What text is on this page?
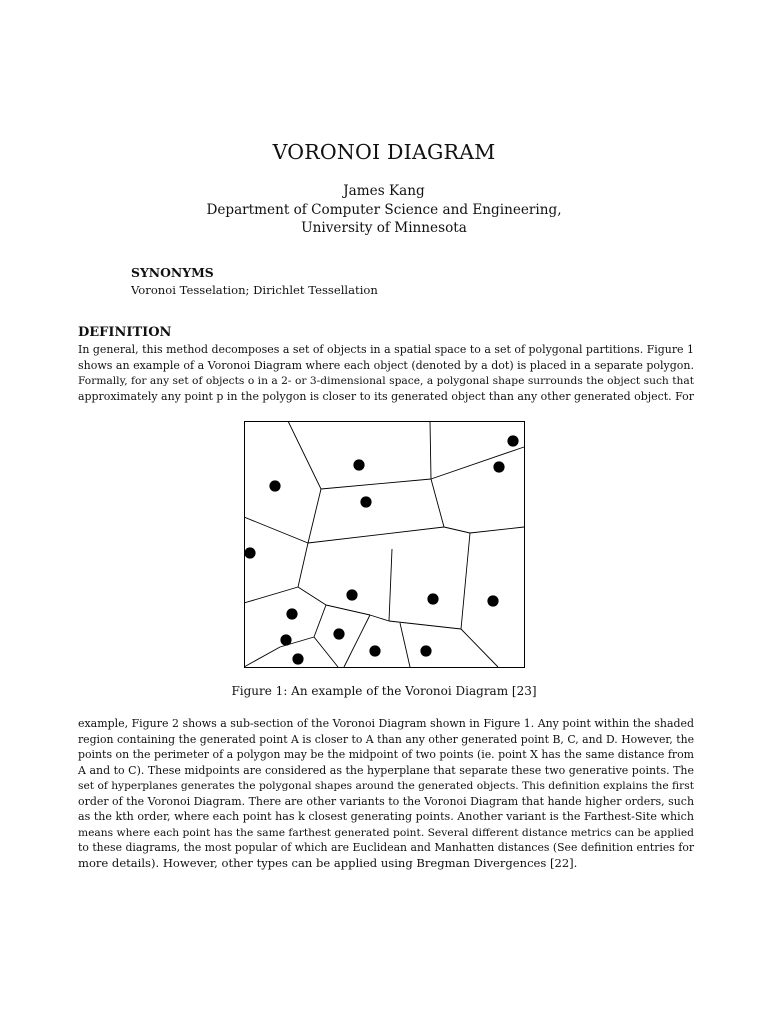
VORONOI DIAGRAM
James Kang
Department of Computer Science and Engineering,
University of Minnesota
SYNONYMS
Voronoi Tesselation; Dirichlet Tessellation
DEFINITION
In general, this method decomposes a set of objects in a spatial space to a set of polygonal partitions. Figure 1
shows an example of a Voronoi Diagram where each object (denoted by a dot) is placed in a separate polygon.
Formally, for any set of objects o in a 2- or 3-dimensional space, a polygonal shape surrounds the object such that
approximately any point p in the polygon is closer to its generated object than any other generated object. For
Figure 1: An example of the Voronoi Diagram [23]
example, Figure 2 shows a sub-section of the Voronoi Diagram shown in Figure 1. Any point within the shaded
region containing the generated point A is closer to A than any other generated point B, C, and D. However, the
points on the perimeter of a polygon may be the midpoint of two points (ie. point X has the same distance from
A and to C). These midpoints are considered as the hyperplane that separate these two generative points. The
set of hyperplanes generates the polygonal shapes around the generated objects. This definition explains the first
order of the Voronoi Diagram. There are other variants to the Voronoi Diagram that hande higher orders, such
as the kth order, where each point has k closest generating points. Another variant is the Farthest-Site which
means where each point has the same farthest generated point. Several different distance metrics can be applied
to these diagrams, the most popular of which are Euclidean and Manhatten distances (See definition entries for
more details). However, other types can be applied using Bregman Divergences [22].
